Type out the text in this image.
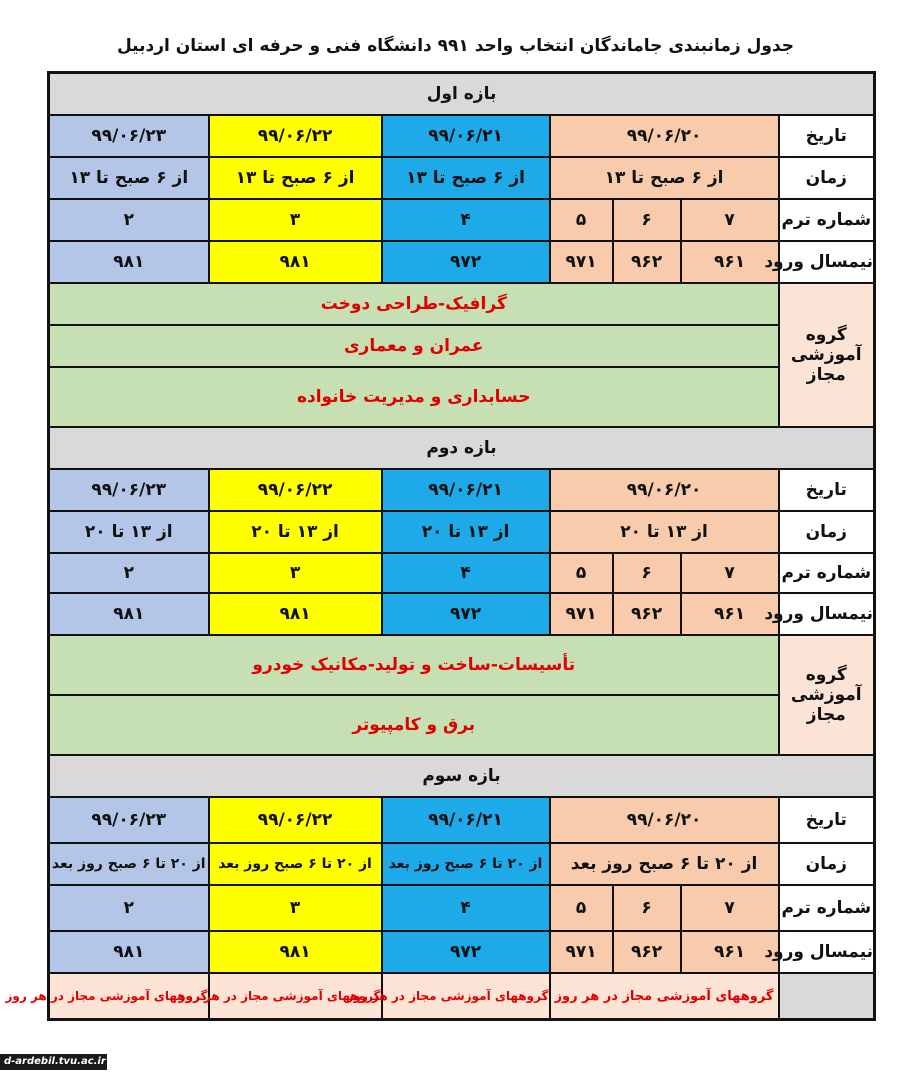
جدول زمانبندی جاماندگان انتخاب واحد ۹۹۱ دانشگاه فنی و حرفه ای استان اردبیل
بازه اول						
تاریخ	۹۹/۰۶/۲۰			۹۹/۰۶/۲۱	۹۹/۰۶/۲۲	۹۹/۰۶/۲۳
زمان	از ۶ صبح تا ۱۳			از ۶ صبح تا ۱۳	از ۶ صبح تا ۱۳	از ۶ صبح تا ۱۳
شماره ترم	۷	۶	۵	۴	۳	۲
نیمسال ورود	۹۶۱	۹۶۲	۹۷۱	۹۷۲	۹۸۱	۹۸۱
گروه آموزشی مجاز	گرافیک-طراحی دوخت					
	عمران و معماری					
	حسابداری و مدیریت خانواده					
بازه دوم						
تاریخ	۹۹/۰۶/۲۰			۹۹/۰۶/۲۱	۹۹/۰۶/۲۲	۹۹/۰۶/۲۳
زمان	از ۱۳ تا ۲۰			از ۱۳ تا ۲۰	از ۱۳ تا ۲۰	از ۱۳ تا ۲۰
شماره ترم	۷	۶	۵	۴	۳	۲
نیمسال ورود	۹۶۱	۹۶۲	۹۷۱	۹۷۲	۹۸۱	۹۸۱
گروه آموزشی مجاز	تأسیسات-ساخت و تولید-مکانیک خودرو					
	برق و کامپیوتر					
بازه سوم						
تاریخ	۹۹/۰۶/۲۰			۹۹/۰۶/۲۱	۹۹/۰۶/۲۲	۹۹/۰۶/۲۳
زمان	از ۲۰ تا ۶ صبح روز بعد			از ۲۰ تا ۶ صبح روز بعد	از ۲۰ تا ۶ صبح روز بعد	از ۲۰ تا ۶ صبح روز بعد
شماره ترم	۷	۶	۵	۴	۳	۲
نیمسال ورود	۹۶۱	۹۶۲	۹۷۱	۹۷۲	۹۸۱	۹۸۱
	گروههای آموزشی مجاز در هر روز			گروههای آموزشی مجاز در هر روز	گروههای آموزشی مجاز در هر روز	گروههای آموزشی مجاز در هر روز
d-ardebil.tvu.ac.ir
